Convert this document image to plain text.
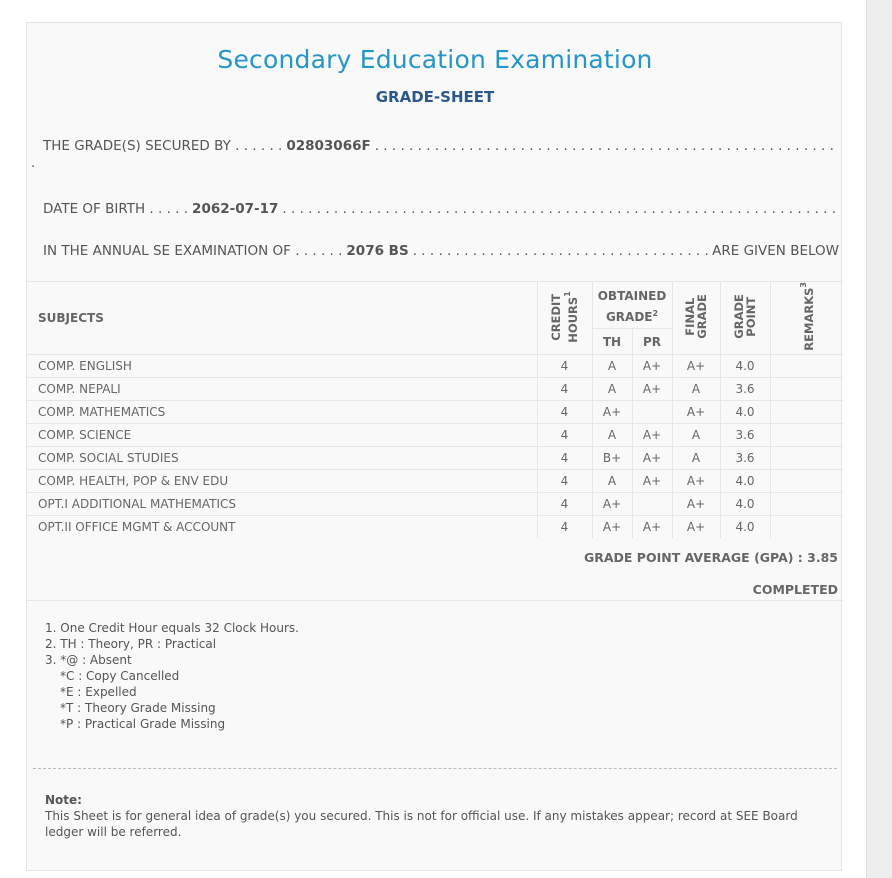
Secondary Education Examination
GRADE-SHEET
THE GRADE(S) SECURED BY . . . . . . 02803066F
. . .
.
DATE OF BIRTH . . . . . 2062-07-17
. . .
IN THE ANNUAL SE EXAMINATION OF . . . . . . 2076 BS . . .	ARE GIVEN BELOW
SUBJECTS	CREDIT HOURS$^1$	OBTAINED GRADE$^2$		FINAL GRADE	GRADE POINT	REMARKS$^3$
		TH	PR			
COMP. ENGLISH	4	A	A+	A+	4.0	
COMP. NEPALI	4	A	A+	A	3.6	
COMP. MATHEMATICS	4	A+		A+	4.0	
COMP. SCIENCE	4	A	A+	A	3.6	
COMP. SOCIAL STUDIES	4	B+	A+	A	3.6	
COMP. HEALTH, POP & ENV EDU	4	A	A+	A+	4.0	
OPT.I ADDITIONAL MATHEMATICS	4	A+		A+	4.0	
OPT.II OFFICE MGMT & ACCOUNT	4	A+	A+	A+	4.0	
GRADE POINT AVERAGE (GPA) : 3.85
COMPLETED
1. One Credit Hour equals 32 Clock Hours.
2. TH : Theory, PR : Practical
3. *@ : Absent
*C : Copy Cancelled
*E : Expelled
*T : Theory Grade Missing
*P : Practical Grade Missing
Note:
This Sheet is for general idea of grade(s) you secured. This is not for official use. If any mistakes appear; record at SEE Board ledger will be referred.
